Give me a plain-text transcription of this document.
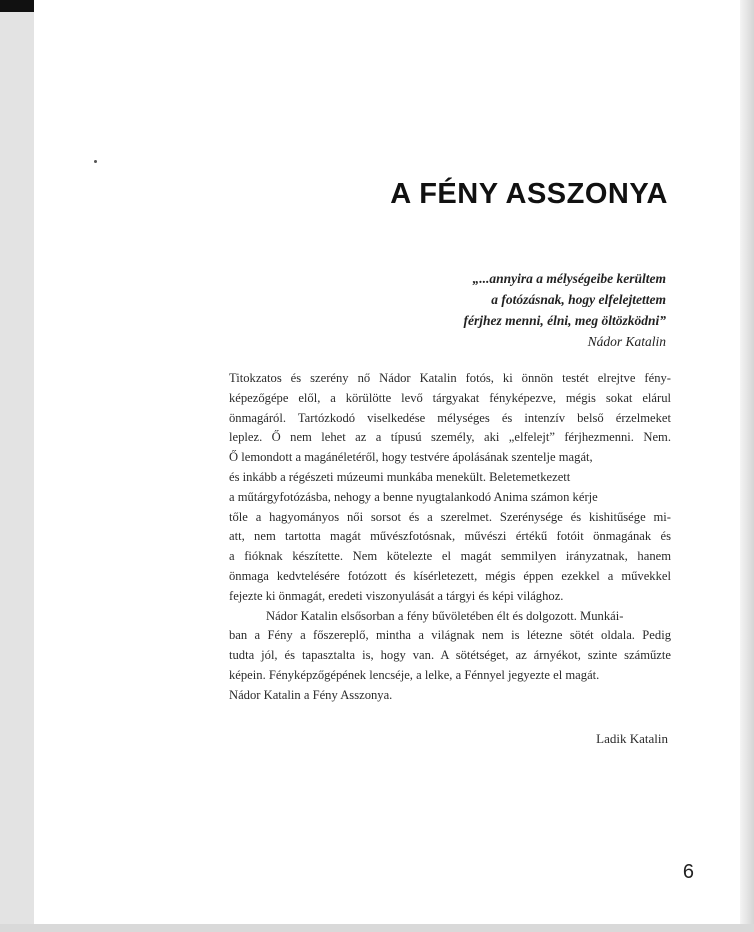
A FÉNY ASSZONYA
„...annyira a mélységeibe kerültem
a fotózásnak, hogy elfelejtettem
férjhez menni, élni, meg öltözködni”
Nádor Katalin
Titokzatos és szerény nő Nádor Katalin fotós, ki önnön testét elrejtve fény-
képezőgépe elől, a körülötte levő tárgyakat fényképezve, mégis sokat elárul
önmagáról. Tartózkodó viselkedése mélységes és intenzív belső érzelmeket
leplez. Ő nem lehet az a típusú személy, aki „elfelejt” férjhezmenni. Nem.
Ő lemondott a magánéletéről, hogy testvére ápolásának szentelje magát,
és inkább a régészeti múzeumi munkába menekült. Beletemetkezett
a műtárgyfotózásba, nehogy a benne nyugtalankodó Anima számon kérje
tőle a hagyományos női sorsot és a szerelmet. Szerénysége és kishitűsége mi-
att, nem tartotta magát művészfotósnak, művészi értékű fotóit önmagának és
a fióknak készítette. Nem kötelezte el magát semmilyen irányzatnak, hanem
önmaga kedvtelésére fotózott és kísérletezett, mégis éppen ezekkel a művekkel
fejezte ki önmagát, eredeti viszonyulását a tárgyi és képi világhoz.
Nádor Katalin elsősorban a fény bűvöletében élt és dolgozott. Munkái-
ban a Fény a főszereplő, mintha a világnak nem is létezne sötét oldala. Pedig
tudta jól, és tapasztalta is, hogy van. A sötétséget, az árnyékot, szinte száműzte
képein. Fényképzőgépének lencséje, a lelke, a Fénnyel jegyezte el magát.
Nádor Katalin a Fény Asszonya.
Ladik Katalin
6
